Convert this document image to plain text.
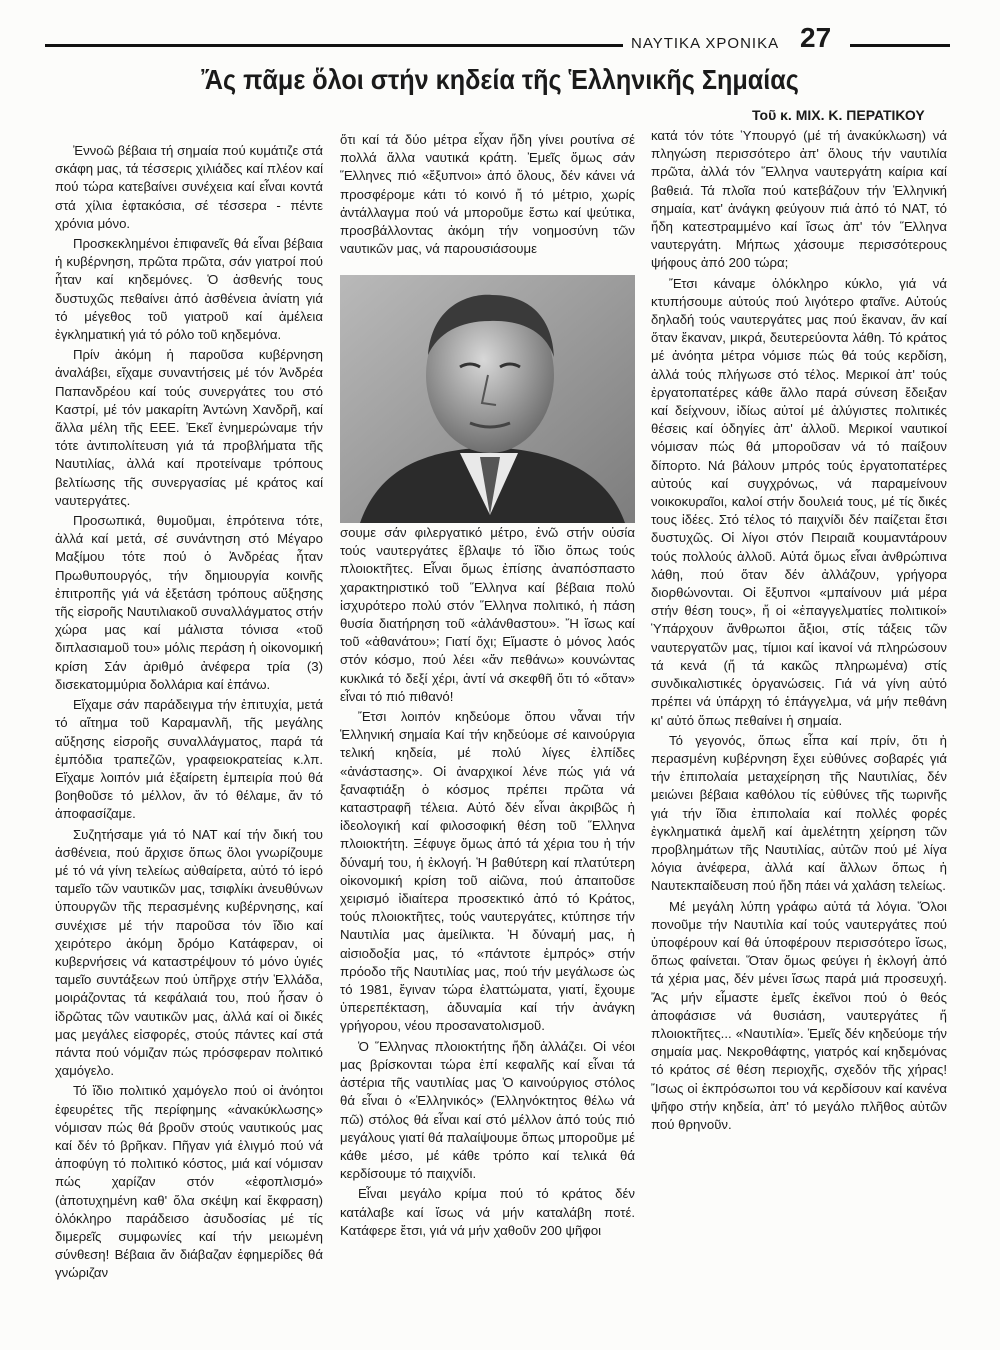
ΝΑΥΤΙΚΑ ΧΡΟΝΙΚΑ 27
Ἄς πᾶμε ὅλοι στήν κηδεία τῆς Ἑλληνικῆς Σημαίας
Τοῦ κ. ΜΙΧ. Κ. ΠΕΡΑΤΙΚΟΥ

Ἐννοῶ βέβαια τή σημαία πού κυμάτιζε στά σκάφη μας, τά τέσσερις χιλιάδες καί πλέον καί πού τώρα κατεβαίνει συνέχεια καί εἶναι κοντά στά χίλια ἑφτακόσια, σέ τέσσερα - πέντε χρόνια μόνο.

Προσκεκλημένοι ἐπιφανεῖς θά εἶναι βέβαια ἡ κυβέρνηση, πρῶτα πρῶτα, σάν γιατροί πού ἦταν καί κηδεμόνες. Ὁ ἀσθενής τους δυστυχῶς πεθαίνει ἀπό ἀσθένεια ἀνίατη γιά τό μέγεθος τοῦ γιατροῦ καί ἀμέλεια ἐγκληματική γιά τό ρόλο τοῦ κηδεμόνα.

Πρίν ἀκόμη ἡ παροῦσα κυβέρνηση ἀναλάβει, εἴχαμε συναντήσεις μέ τόν Ἀνδρέα Παπανδρέου καί τούς συνεργάτες του στό Καστρί, μέ τόν μακαρίτη Ἀντώνη Χανδρῆ, καί ἄλλα μέλη τῆς ΕΕΕ. Ἐκεῖ ἐνημερώναμε τήν τότε ἀντιπολίτευση γιά τά προβλήματα τῆς Ναυτιλίας, ἀλλά καί προτείναμε τρόπους βελτίωσης τῆς συνεργασίας μέ κράτος καί ναυτεργάτες.

Προσωπικά, θυμοῦμαι, ἐπρότεινα τότε, ἀλλά καί μετά, σέ συνάντηση στό Μέγαρο Μαξίμου τότε πού ὁ Ἀνδρέας ἦταν Πρωθυπουργός, τήν δημιουργία κοινῆς ἐπιτροπῆς γιά νά ἐξετάση τρόπους αὔξησης τῆς εἰσροῆς Ναυτιλιακοῦ συναλλάγματος στήν χώρα μας καί μάλιστα τόνισα «τοῦ διπλασιαμοῦ του» μόλις περάση ἡ οἰκονομική κρίση Σάν ἀριθμό ἀνέφερα τρία (3) δισεκατομμύρια δολλάρια καί ἐπάνω.

Εἴχαμε σάν παράδειγμα τήν ἐπιτυχία, μετά τό αἴτημα τοῦ Καραμανλῆ, τῆς μεγάλης αὔξησης εἰσροῆς συναλλάγματος, παρά τά ἐμπόδια τραπεζῶν, γραφειοκρατείας κ.λπ. Εἴχαμε λοιπόν μιά ἐξαίρετη ἐμπειρία πού θά βοηθοῦσε τό μέλλον, ἄν τό θέλαμε, ἄν τό ἀποφασίζαμε.

Συζητήσαμε γιά τό ΝΑΤ καί τήν δική του ἀσθένεια, πού ἄρχισε ὅπως ὅλοι γνωρίζουμε μέ τό νά γίνη τελείως αὐθαίρετα, αὐτό τό ἱερό ταμεῖο τῶν ναυτικῶν μας, τσιφλίκι ἀνευθύνων ὑπουργῶν τῆς περασμένης κυβέρνησης, καί συνέχισε μέ τήν παροῦσα τόν ἴδιο καί χειρότερο ἀκόμη δρόμο Κατάφεραν, οἱ κυβερνήσεις νά καταστρέψουν τό μόνο ὑγιές ταμεῖο συντάξεων πού ὑπῆρχε στήν Ἑλλάδα, μοιράζοντας τά κεφάλαιά του, πού ἦσαν ὁ ἱδρῶτας τῶν ναυτικῶν μας, ἀλλά καί οἱ δικές μας μεγάλες εἰσφορές, στούς πάντες καί στά πάντα πού νόμιζαν πώς πρόσφεραν πολιτικό χαμόγελο.

Τό ἴδιο πολιτικό χαμόγελο πού οἱ ἀνόητοι ἐφευρέτες τῆς περίφημης «ἀνακύκλωσης» νόμισαν πώς θά βροῦν στούς ναυτικούς μας καί δέν τό βρῆκαν. Πῆγαν γιά ἐλιγμό πού νά ἀποφύγη τό πολιτικό κόστος, μιά καί νόμισαν πώς χαρίζαν στόν «ἐφοπλισμό» (ἀποτυχημένη καθ' ὅλα σκέψη καί ἔκφραση) ὁλόκληρο παράδεισο ἀσυδοσίας μέ τίς διμερεῖς συμφωνίες καί τήν μειωμένη σύνθεση! Βέβαια ἄν διάβαζαν ἐφημερίδες θά γνώριζαν

ὅτι καί τά δύο μέτρα εἶχαν ἤδη γίνει ρουτίνα σέ πολλά ἄλλα ναυτικά κράτη. Ἐμεῖς ὅμως σάν Ἕλληνες πιό «ἔξυπνοι» ἀπό ὅλους, δέν κάνει νά προσφέρομε κάτι τό κοινό ἤ τό μέτριο, χωρίς ἀντάλλαγμα πού νά μποροῦμε ἔστω καί ψεύτικα, προσβάλλοντας ἀκόμη τήν νοημοσύνη τῶν ναυτικῶν μας, νά παρουσιάσουμε

σουμε σάν φιλεργατικό μέτρο, ἐνῶ στήν οὐσία τούς ναυτεργάτες ἔβλαψε τό ἴδιο ὅπως τούς πλοιοκτῆτες. Εἶναι ὅμως ἐπίσης ἀναπόσπαστο χαρακτηριστικό τοῦ Ἕλληνα καί βέβαια πολύ ἰσχυρότερο πολύ στόν Ἕλληνα πολιτικό, ἡ πάση θυσία διατήρηση τοῦ «ἀλάνθαστου». Ἤ ἴσως καί τοῦ «ἀθανάτου»; Γιατί ὄχι; Εἴμαστε ὁ μόνος λαός στόν κόσμο, πού λέει «ἄν πεθάνω» κουνώντας κυκλικά τό δεξί χέρι, ἀντί νά σκεφθῆ ὅτι τό «ὅταν» εἶναι τό πιό πιθανό!

Ἔτσι λοιπόν κηδεύομε ὅπου νἆναι τήν Ἑλληνική σημαία Καί τήν κηδεύομε σέ καινούργια τελική κηδεία, μέ πολύ λίγες ἐλπίδες «ἀνάστασης». Οἱ ἀναρχικοί λένε πώς γιά νά ξαναφτιάξη ὁ κόσμος πρέπει πρῶτα νά καταστραφῆ τέλεια. Αὐτό δέν εἶναι ἀκριβῶς ἡ ἰδεολογική καί φιλοσοφική θέση τοῦ Ἕλληνα πλοιοκτήτη. Ξέφυγε ὅμως ἀπό τά χέρια του ἡ τήν δύναμή του, ἡ ἐκλογή. Ἡ βαθύτερη καί πλατύτερη οἰκονομική κρίση τοῦ αἰῶνα, πού ἀπαιτοῦσε χειρισμό ἰδιαίτερα προσεκτικό ἀπό τό Κράτος, τούς πλοιοκτῆτες, τούς ναυτεργάτες, κτύπησε τήν Ναυτιλία μας ἀμείλικτα. Ἡ δύναμή μας, ἡ αἰσιοδοξία μας, τό «πάντοτε ἐμπρός» στήν πρόοδο τῆς Ναυτιλίας μας, πού τήν μεγάλωσε ὡς τό 1981, ἔγιναν τώρα ἐλαττώματα, γιατί, ἔχουμε ὑπερεπέκταση, ἀδυναμία καί τήν ἀνάγκη γρήγορου, νέου προσανατολισμοῦ.

Ὁ Ἕλληνας πλοιοκτήτης ἤδη ἀλλάζει. Οἱ νέοι μας βρίσκονται τώρα ἐπί κεφαλῆς καί εἶναι τά ἀστέρια τῆς ναυτιλίας μας Ὁ καινούργιος στόλος θά εἶναι ὁ «Ἑλληνικός» (Ἑλληνόκτητος θέλω νά πῶ) στόλος θά εἶναι καί στό μέλλον ἀπό τούς πιό μεγάλους γιατί θά παλαίψουμε ὅπως μποροῦμε μέ κάθε μέσο, μέ κάθε τρόπο καί τελικά θά κερδίσουμε τό παιχνίδι.

Εἶναι μεγάλο κρίμα πού τό κράτος δέν κατάλαβε καί ἴσως νά μήν καταλάβη ποτέ. Κατάφερε ἔτσι, γιά νά μήν χαθοῦν 200 ψῆφοι

κατά τόν τότε Ὑπουργό (μέ τή ἀνακύκλωση) νά πληγώση περισσότερο ἀπ' ὅλους τήν ναυτιλία πρῶτα, ἀλλά τόν Ἕλληνα ναυτεργάτη καίρια καί βαθειά. Τά πλοῖα πού κατεβάζουν τήν Ἑλληνική σημαία, κατ' ἀνάγκη φεύγουν πιά ἀπό τό ΝΑΤ, τό ἤδη κατεστραμμένο καί ἴσως ἀπ' τόν Ἕλληνα ναυτεργάτη. Μήπως χάσουμε περισσότερους ψήφους ἀπό 200 τώρα;

Ἔτσι κάναμε ὁλόκληρο κύκλο, γιά νά κτυπήσουμε αὐτούς πού λιγότερο φταῖνε. Αὐτούς δηλαδή τούς ναυτεργάτες μας πού ἔκαναν, ἄν καί ὅταν ἔκαναν, μικρά, δευτερεύοντα λάθη. Τό κράτος μέ ἀνόητα μέτρα νόμισε πώς θά τούς κερδίση, ἀλλά τούς πλήγωσε στό τέλος. Μερικοί ἀπ' τούς ἐργατοπατέρες κάθε ἄλλο παρά σύνεση ἔδειξαν καί δείχνουν, ἰδίως αὐτοί μέ ἀλύγιστες πολιτικές θέσεις καί ὁδηγίες ἀπ' ἀλλοῦ. Μερικοί ναυτικοί νόμισαν πώς θά μποροῦσαν νά τό παίξουν δίπορτο. Νά βάλουν μπρός τούς ἐργατοπατέρες αὐτούς καί συγχρόνως, νά παραμείνουν νοικοκυραῖοι, καλοί στήν δουλειά τους, μέ τίς δικές τους ἰδέες. Στό τέλος τό παιχνίδι δέν παίζεται ἔτσι δυστυχῶς. Οἱ λίγοι στόν Πειραιᾶ κουμαντάρουν τούς πολλούς ἀλλοῦ. Αὐτά ὅμως εἶναι ἀνθρώπινα λάθη, πού ὅταν δέν ἀλλάζουν, γρήγορα διορθώνονται. Οἱ ἔξυπνοι «μπαίνουν μιά μέρα στήν θέση τους», ἤ οἱ «ἐπαγγελματίες πολιτικοί» Ὑπάρχουν ἄνθρωποι ἄξιοι, στίς τάξεις τῶν ναυτεργατῶν μας, τίμιοι καί ἱκανοί νά πληρώσουν τά κενά (ἤ τά κακῶς πληρωμένα) στίς συνδικαλιστικές ὀργανώσεις. Γιά νά γίνη αὐτό πρέπει νά ὑπάρχη τό ἐπάγγελμα, νά μήν πεθάνη κι' αὐτό ὅπως πεθαίνει ἡ σημαία.

Τό γεγονός, ὅπως εἶπα καί πρίν, ὅτι ἡ περασμένη κυβέρνηση ἔχει εὐθύνες σοβαρές γιά τήν ἐπιπολαία μεταχείρηση τῆς Ναυτιλίας, δέν μειώνει βέβαια καθόλου τίς εὐθύνες τῆς τωρινῆς γιά τήν ἴδια ἐπιπολαία καί πολλές φορές ἐγκληματικά ἀμελῆ καί ἀμελέτητη χείρηση τῶν προβλημάτων τῆς Ναυτιλίας, αὐτῶν πού μέ λίγα λόγια ἀνέφερα, ἀλλά καί ἄλλων ὅπως ἡ Ναυτεκπαίδευση πού ἤδη πάει νά χαλάση τελείως.

Μέ μεγάλη λύπη γράφω αὐτά τά λόγια. Ὅλοι πονοῦμε τήν Ναυτιλία καί τούς ναυτεργάτες πού ὑποφέρουν καί θά ὑποφέρουν περισσότερο ἴσως, ὅπως φαίνεται. Ὅταν ὅμως φεύγει ἡ ἐκλογή ἀπό τά χέρια μας, δέν μένει ἴσως παρά μιά προσευχή. Ἄς μήν εἶμαστε ἐμεῖς ἐκεῖνοι πού ὁ θεός ἀποφάσισε νά θυσιάση, ναυτεργάτες ἤ πλοιοκτῆτες... «Ναυτιλία». Ἐμεῖς δέν κηδεύομε τήν σημαία μας. Νεκροθάφτης, γιατρός καί κηδεμόνας τό κράτος σέ θέση περιοχῆς, σχεδόν τῆς χήρας! Ἴσως οἱ ἐκπρόσωποι του νά κερδίσουν καί κανένα ψῆφο στήν κηδεία, ἀπ' τό μεγάλο πλῆθος αὐτῶν πού θρηνοῦν.
